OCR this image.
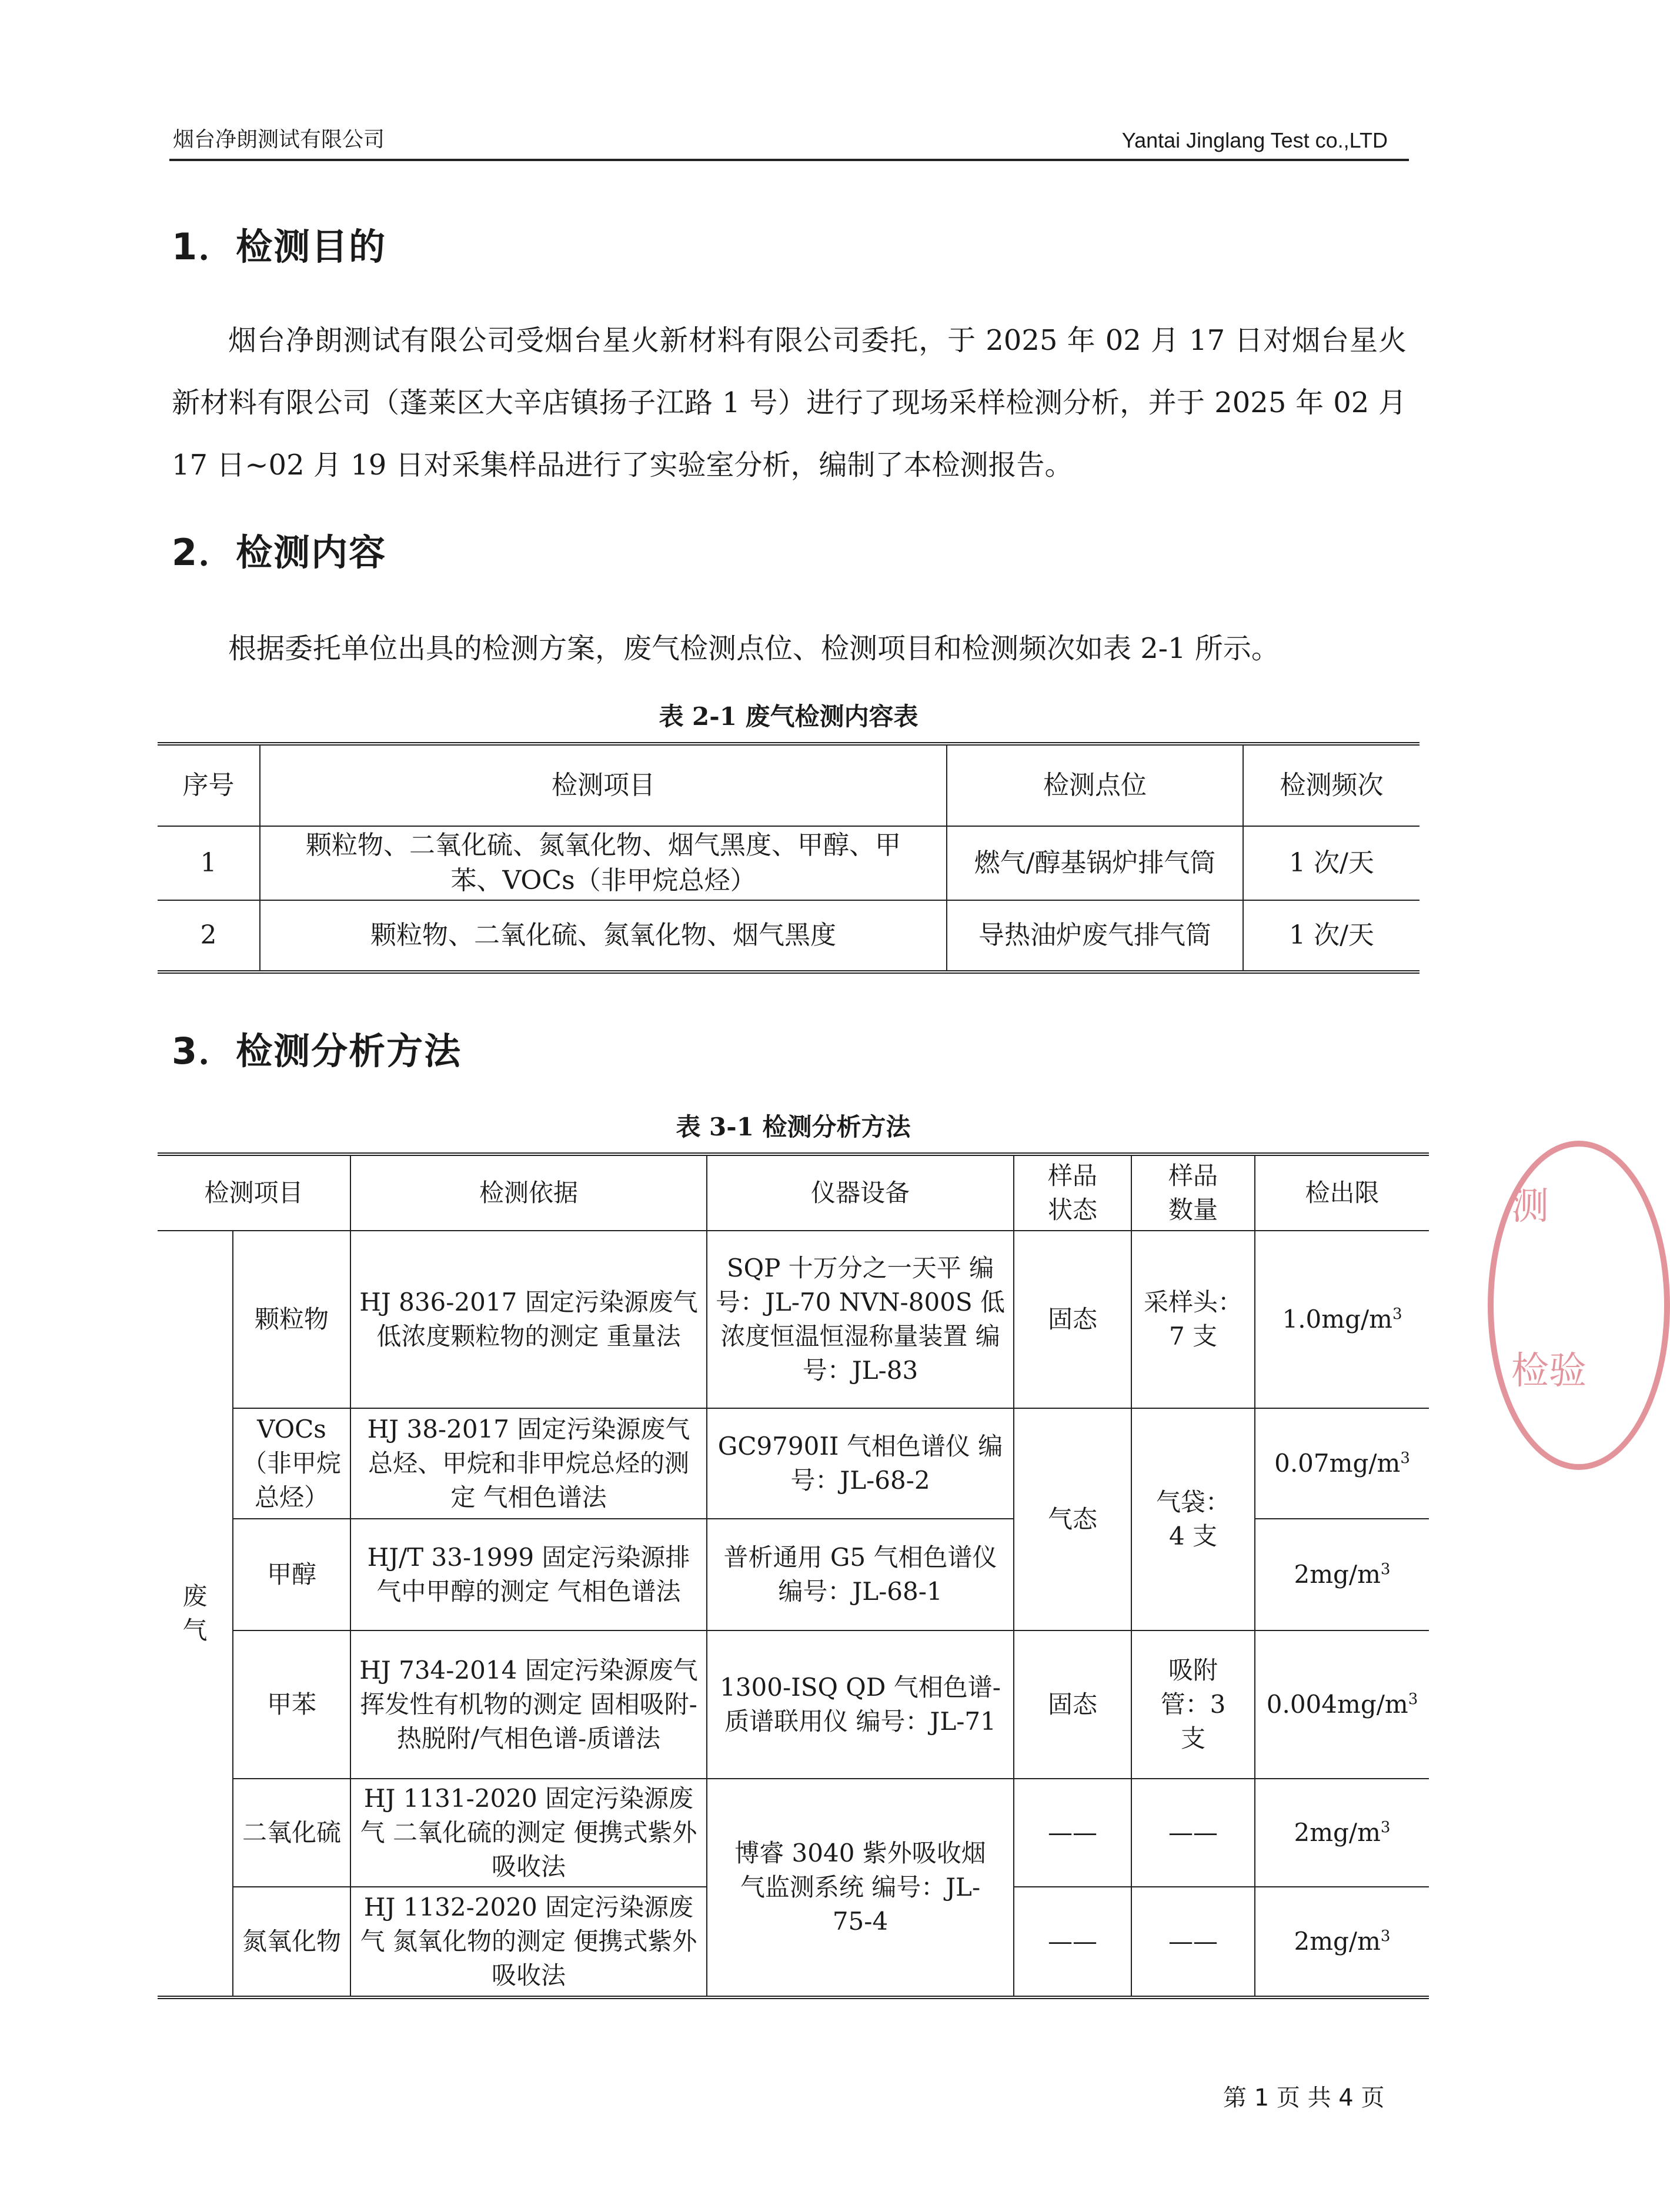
烟台净朗测试有限公司	Yantai Jinglang Test co.,LTD
1．检测目的
烟台净朗测试有限公司受烟台星火新材料有限公司委托，于 2025 年 02 月 17 日对烟台星火新材料有限公司（蓬莱区大辛店镇扬子江路 1 号）进行了现场采样检测分析，并于 2025 年 02 月 17 日~02 月 19 日对采集样品进行了实验室分析，编制了本检测报告。
2．检测内容
根据委托单位出具的检测方案，废气检测点位、检测项目和检测频次如表 2-1 所示。
表 2-1 废气检测内容表
序号	检测项目	检测点位	检测频次
1	颗粒物、二氧化硫、氮氧化物、烟气黑度、甲醇、甲苯、VOCs（非甲烷总烃）	燃气/醇基锅炉排气筒	1 次/天
2	颗粒物、二氧化硫、氮氧化物、烟气黑度	导热油炉废气排气筒	1 次/天
3．检测分析方法
表 3-1 检测分析方法
检测项目		检测依据	仪器设备	样品状态	样品数量	检出限
废气	颗粒物	HJ 836-2017 固定污染源废气 低浓度颗粒物的测定 重量法	SQP 十万分之一天平 编号：JL-70 NVN-800S 低浓度恒温恒湿称量装置 编号：JL-83	固态	采样头：7 支	$1.0mg/m^3$
	VOCs（非甲烷总烃）	HJ 38-2017 固定污染源废气总烃、甲烷和非甲烷总烃的测定 气相色谱法	GC9790II 气相色谱仪 编号：JL-68-2	气态	气袋：4 支	$0.07mg/m^3$
	甲醇	HJ/T 33-1999 固定污染源排气中甲醇的测定 气相色谱法	普析通用 G5 气相色谱仪 编号：JL-68-1			$2mg/m^3$
	甲苯	HJ 734-2014 固定污染源废气 挥发性有机物的测定 固相吸附-热脱附/气相色谱-质谱法	1300-ISQ QD 气相色谱-质谱联用仪 编号：JL-71	固态	吸附管：3 支	$0.004mg/m^3$
	二氧化硫	HJ 1131-2020 固定污染源废气 二氧化硫的测定 便携式紫外吸收法	博睿 3040 紫外吸收烟气监测系统 编号：JL-75-4	——	——	$2mg/m^3$
	氮氧化物	HJ 1132-2020 固定污染源废气 氮氧化物的测定 便携式紫外吸收法		——	——	$2mg/m^3$
测
检验
第 1 页 共 4 页
